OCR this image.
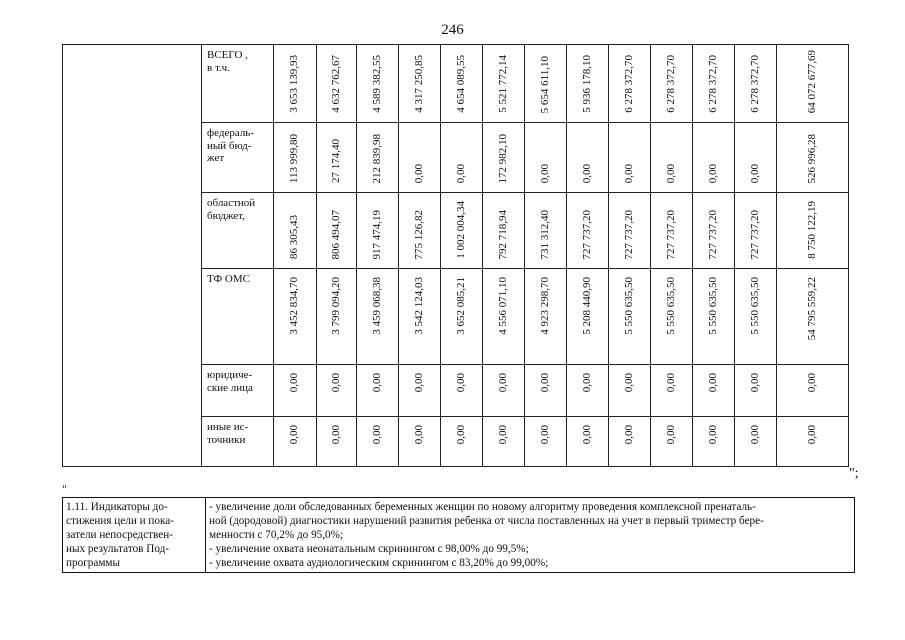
246
	ВСЕГО ,
в т.ч.	3 653 139,93	4 632 762,67	4 589 382,55	4 317 250,85	4 654 089,55	5 521 772,14	5 654 611,10	5 936 178,10	6 278 372,70	6 278 372,70	6 278 372,70	6 278 372,70	64 072 677,69

	федераль-
ный бюд-
жет	113 999,80	27 174,40	212 839,98	0,00	0,00	172 982,10	0,00	0,00	0,00	0,00	0,00	0,00	526 996,28

	областной
бюджет,	86 305,43	806 494,07	917 474,19	775 126,82	1 002 004,34	792 718,94	731 312,40	727 737,20	727 737,20	727 737,20	727 737,20	727 737,20	8 750 122,19

	ТФ ОМС	3 452 834,70	3 799 094,20	3 459 068,38	3 542 124,03	3 652 085,21	4 556 071,10	4 923 298,70	5 208 440,90	5 550 635,50	5 550 635,50	5 550 635,50	5 550 635,50	54 795 559,22

	юридиче-
ские лица	0,00	0,00	0,00	0,00	0,00	0,00	0,00	0,00	0,00	0,00	0,00	0,00	0,00

	иные ис-
точники	0,00	0,00	0,00	0,00	0,00	0,00	0,00	0,00	0,00	0,00	0,00	0,00	0,00
";
"
1.11. Индикаторы до-
стижения цели и пока-
затели непосредствен-
ных результатов Под-
программы

- увеличение доли обследованных беременных женщин по новому алгоритму проведения комплексной пренаталь-
ной (дородовой) диагностики нарушений развития ребенка от числа поставленных на учет в первый триместр бере-
менности с 70,2% до 95,0%;
- увеличение охвата неонатальным скринингом с 98,00% до 99,5%;
- увеличение охвата аудиологическим скринингом с 83,20% до 99,00%;
